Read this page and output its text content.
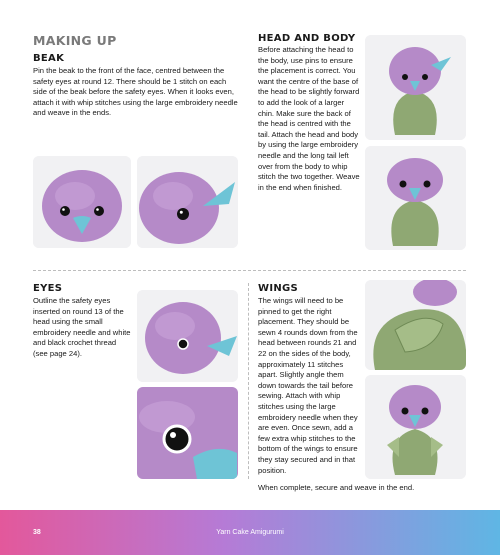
MAKING UP
BEAK
Pin the beak to the front of the face, centred between the safety eyes at round 12. There should be 1 stitch on each side of the beak before the safety eyes. When it looks even, attach it with whip stitches using the large embroidery needle and weave in the ends.
HEAD AND BODY
Before attaching the head to the body, use pins to ensure the placement is correct. You want the centre of the base of the head to be slightly forward to add the look of a larger chin. Make sure the back of the head is centred with the tail. Attach the head and body by using the large embroidery needle and the long tail left over from the body to whip stitch the two together. Weave in the end when finished.
EYES
Outline the safety eyes inserted on round 13 of the head using the small embroidery needle and white and black crochet thread (see page 24).
WINGS
The wings will need to be pinned to get the right placement. They should be sewn 4 rounds down from the head between rounds 21 and 22 on the sides of the body, approximately 11 stitches apart. Slightly angle them down towards the tail before sewing. Attach with whip stitches using the large embroidery needle when they are even. Once sewn, add a few extra whip stitches to the bottom of the wings to ensure they stay secured and in that position.
When complete, secure and weave in the end.
38	Yarn Cake Amigurumi
